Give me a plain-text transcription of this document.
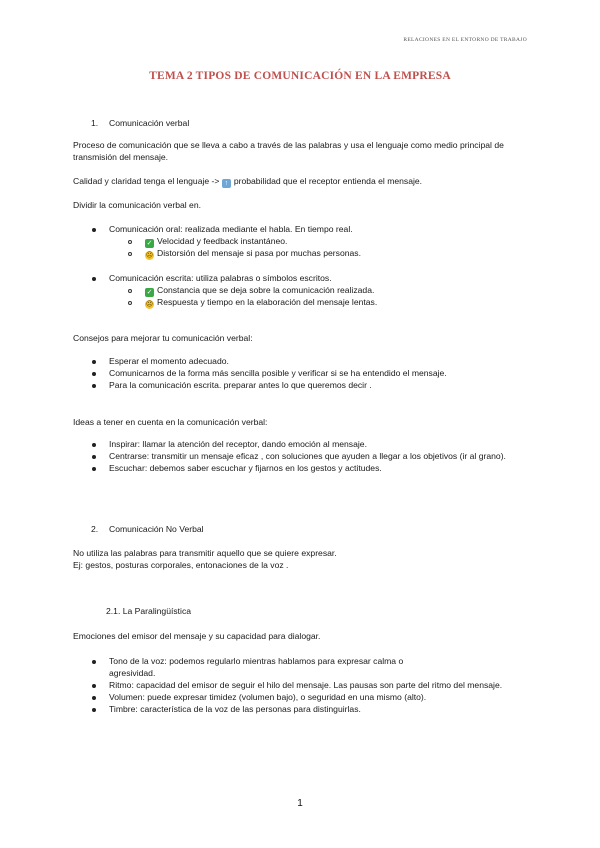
RELACIONES EN EL ENTORNO DE TRABAJO
TEMA 2 TIPOS DE COMUNICACIÓN EN LA EMPRESA
1. Comunicación verbal
Proceso de comunicación que se lleva a cabo a través de las palabras y usa el lenguaje como medio principal de
transmisión del mensaje.
Calidad y claridad tenga el lenguaje -> ↑ probabilidad que el receptor entienda el mensaje.
Dividir la comunicación verbal en.
Comunicación oral: realizada mediante el habla. En tiempo real.
✓ Velocidad y feedback instantáneo.
☹ Distorsión del mensaje si pasa por muchas personas.
Comunicación escrita: utiliza palabras o símbolos escritos.
✓ Constancia que se deja sobre la comunicación realizada.
☹ Respuesta y tiempo en la elaboración del mensaje lentas.
Consejos para mejorar tu comunicación verbal:
Esperar el momento adecuado.
Comunicarnos de la forma más sencilla posible y verificar si se ha entendido el mensaje.
Para la comunicación escrita. preparar antes lo que queremos decir .
Ideas a tener en cuenta en la comunicación verbal:
Inspirar: llamar la atención del receptor, dando emoción al mensaje.
Centrarse: transmitir un mensaje eficaz , con soluciones que ayuden a llegar a los objetivos (ir al grano).
Escuchar: debemos saber escuchar y fijarnos en los gestos y actitudes.
2. Comunicación No Verbal
No utiliza las palabras para transmitir aquello que se quiere expresar.
Ej: gestos, posturas corporales, entonaciones de la voz .
2.1. La Paralingüística
Emociones del emisor del mensaje y su capacidad para dialogar.
Tono de la voz: podemos regularlo mientras hablamos para expresar calma o
agresividad.
Ritmo: capacidad del emisor de seguir el hilo del mensaje. Las pausas son parte del ritmo del mensaje.
Volumen: puede expresar timidez (volumen bajo), o seguridad en una mismo (alto).
Timbre: característica de la voz de las personas para distinguirlas.
1
